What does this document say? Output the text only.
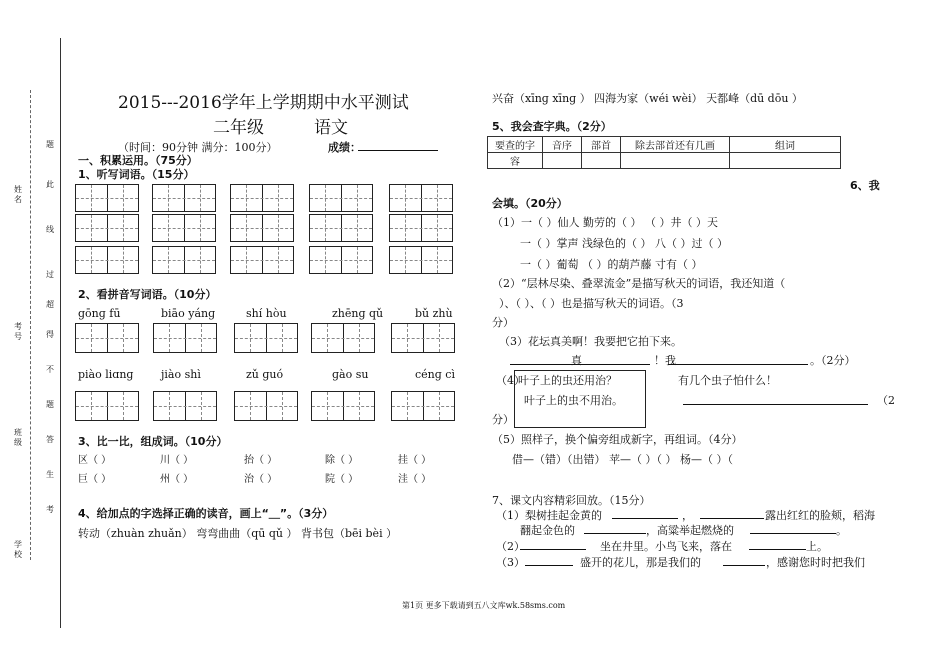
姓名
考号
班级
学校
题
此
线
过
超
得
不
题
答
生
考
2015---2016学年上学期期中水平测试
二年级	语文
（时间：90分钟 满分：100分）	成绩：
一、积累运用。（75分）
1、听写词语。（15分）
2、看拼音写词语。（10分）
gōnɡ fū	biāo yánɡ	shí hòu	zhēnɡ qǔ	bǔ zhù
piào liɑnɡ	jiào shì	zǔ ɡuó	ɡào su	cénɡ cì
3、比一比，组成词。（10分）
区（ ）	川（ ）	抬（ ）	除（ ）	挂（ ）
巨（ ）	州（ ）	治（ ）	院（ ）	洼（ ）
4、给加点的字选择正确的读音，画上“＿”。（3分）
转动（zhuàn zhuǎn） 弯弯曲曲（qū qǔ ） 背书包（bēi bèi ）
兴奋（xīnɡ xīnɡ ） 四海为家（wéi wèi） 天都峰（dū dōu ）
5、我会查字典。（2分）
要查的字	音序	部首	除去部首还有几画	组词
容				
6、我
会填。（20分）
（1）一（ ）仙人 勤劳的（ ） （ ）井（ ）天
一（ ）掌声 浅绿色的（ ） 八（ ）过（ ）
一（ ）葡萄 （ ）的葫芦藤 寸有（ ）
（2）“层林尽染、叠翠流金”是描写秋天的词语，我还知道（
）、（ ）、（ ）也是描写秋天的词语。（3
分）
（3）花坛真美啊！我要把它拍下来。
真	！我	。（2分）
（4）
叶子上的虫还用治？
叶子上的虫不用治。
有几个虫子怕什么！
（2
分）
（5）照样子，换个偏旁组成新字，再组词。（4分）
借—（错）（出错） 苹—（ ）（ ） 杨—（ ）（
7、课文内容精彩回放。（15分）
（1）梨树挂起金黄的	，	露出红红的脸颊，稻海
翻起金色的	，高粱举起燃烧的	。
（2）	坐在井里。小鸟飞来，落在	上。
（3）	盛开的花儿，那是我们的	，感谢您时时把我们
第1页 更多下载请到五八文库wk.58sms.com
